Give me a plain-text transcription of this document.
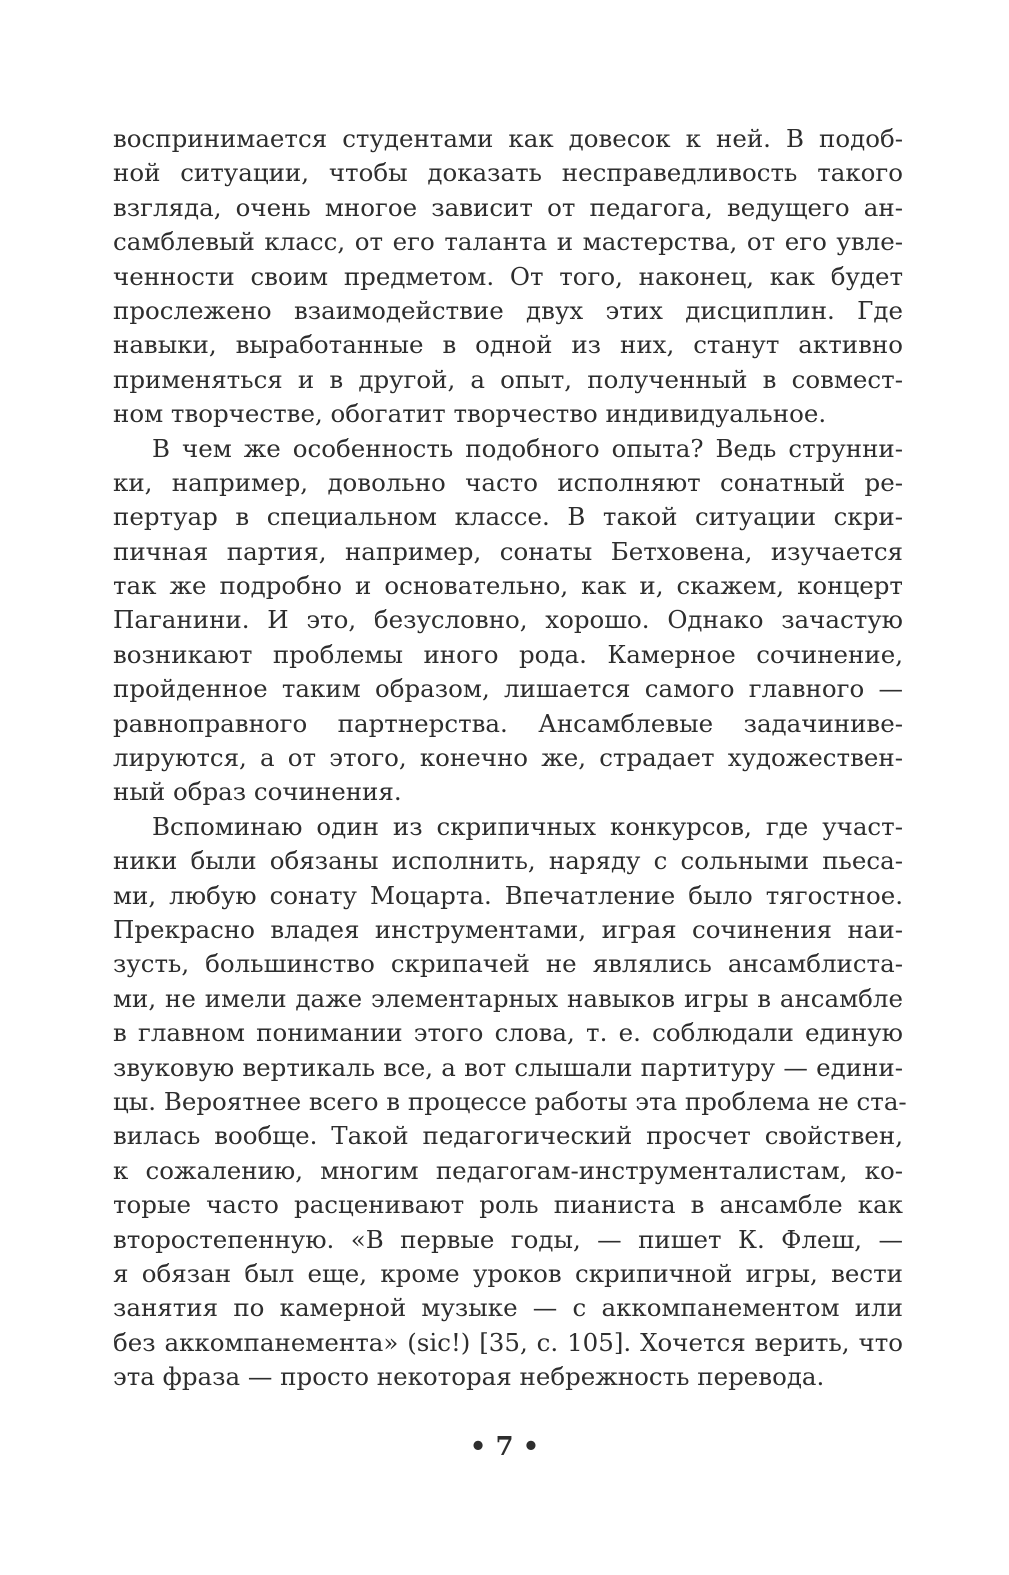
воспринимается студентами как довесок к ней. В подоб-
ной ситуации, чтобы доказать несправедливость такого
взгляда, очень многое зависит от педагога, ведущего ан-
самблевый класс, от его таланта и мастерства, от его увле-
ченности своим предметом. От того, наконец, как будет
прослежено взаимодействие двух этих дисциплин. Где
навыки, выработанные в одной из них, станут активно
применяться и в другой, а опыт, полученный в совмест-
ном творчестве, обогатит творчество индивидуальное.
В чем же особенность подобного опыта? Ведь струнни-
ки, например, довольно часто исполняют сонатный ре-
пертуар в специальном классе. В такой ситуации скри-
пичная партия, например, сонаты Бетховена, изучается
так же подробно и основательно, как и, скажем, концерт
Паганини. И это, безусловно, хорошо. Однако зачастую
возникают проблемы иного рода. Камерное сочинение,
пройденное таким образом, лишается самого главного —
равноправного партнерства. Ансамблевые задачиниве-
лируются, а от этого, конечно же, страдает художествен-
ный образ сочинения.
Вспоминаю один из скрипичных конкурсов, где участ-
ники были обязаны исполнить, наряду с сольными пьеса-
ми, любую сонату Моцарта. Впечатление было тягостное.
Прекрасно владея инструментами, играя сочинения наи-
зусть, большинство скрипачей не являлись ансамблиста-
ми, не имели даже элементарных навыков игры в ансамбле
в главном понимании этого слова, т. е. соблюдали единую
звуковую вертикаль все, а вот слышали партитуру — едини-
цы. Вероятнее всего в процессе работы эта проблема не ста-
вилась вообще. Такой педагогический просчет свойствен,
к сожалению, многим педагогам-инструменталистам, ко-
торые часто расценивают роль пианиста в ансамбле как
второстепенную. «В первые годы, — пишет К. Флеш, —
я обязан был еще, кроме уроков скрипичной игры, вести
занятия по камерной музыке — с аккомпанементом или
без аккомпанемента» (sic!) [35, с. 105]. Хочется верить, что
эта фраза — просто некоторая небрежность перевода.
• 7 •
